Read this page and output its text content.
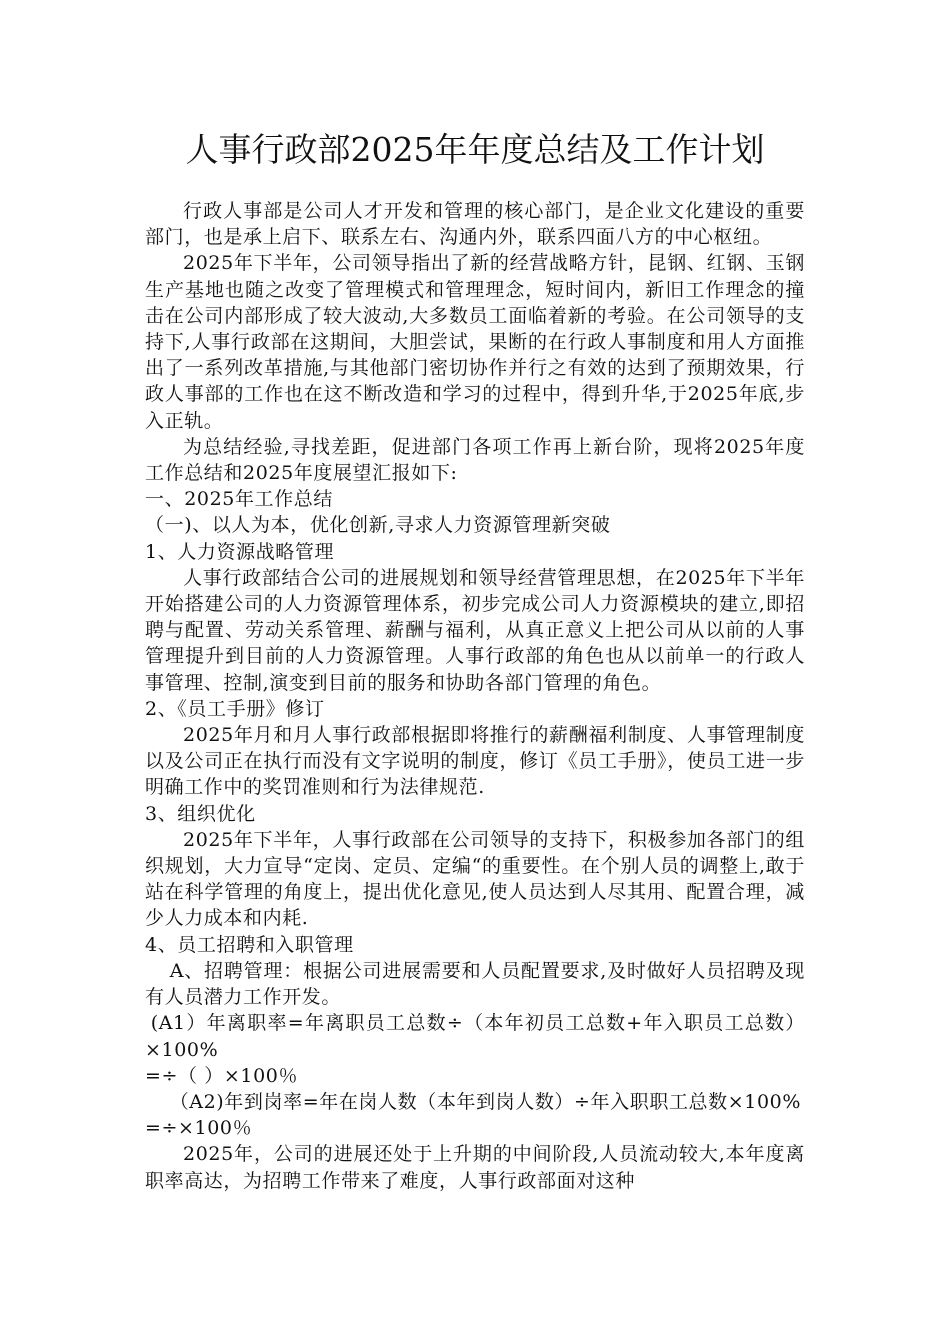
人事行政部2025年年度总结及工作计划

行政人事部是公司人才开发和管理的核心部门，是企业文化建设的重要部门，也是承上启下、联系左右、沟通内外，联系四面八方的中心枢纽。

2025年下半年，公司领导指出了新的经营战略方针，昆钢、红钢、玉钢生产基地也随之改变了管理模式和管理理念，短时间内，新旧工作理念的撞击在公司内部形成了较大波动,大多数员工面临着新的考验。在公司领导的支持下,人事行政部在这期间，大胆尝试，果断的在行政人事制度和用人方面推出了一系列改革措施,与其他部门密切协作并行之有效的达到了预期效果，行政人事部的工作也在这不断改造和学习的过程中，得到升华,于2025年底,步入正轨。

为总结经验,寻找差距，促进部门各项工作再上新台阶，现将2025年度工作总结和2025年度展望汇报如下:

一、2025年工作总结

（一)、以人为本，优化创新,寻求人力资源管理新突破

1、人力资源战略管理

人事行政部结合公司的进展规划和领导经营管理思想，在2025年下半年开始搭建公司的人力资源管理体系，初步完成公司人力资源模块的建立,即招聘与配置、劳动关系管理、薪酬与福利，从真正意义上把公司从以前的人事管理提升到目前的人力资源管理。人事行政部的角色也从以前单一的行政人事管理、控制,演变到目前的服务和协助各部门管理的角色。

2、《员工手册》修订

2025年月和月人事行政部根据即将推行的薪酬福利制度、人事管理制度以及公司正在执行而没有文字说明的制度，修订《员工手册》，使员工进一步明确工作中的奖罚准则和行为法律规范.

3、组织优化

2025年下半年，人事行政部在公司领导的支持下，积极参加各部门的组织规划，大力宣导“定岗、定员、定编“的重要性。在个别人员的调整上,敢于站在科学管理的角度上，提出优化意见,使人员达到人尽其用、配置合理，减少人力成本和内耗.

4、员工招聘和入职管理

A、招聘管理：根据公司进展需要和人员配置要求,及时做好人员招聘及现有人员潜力工作开发。

(A1）年离职率=年离职员工总数÷（本年初员工总数+年入职员工总数）×100%

=÷（ ）×100％

（A2)年到岗率=年在岗人数（本年到岗人数）÷年入职职工总数×100%

=÷×100％

2025年，公司的进展还处于上升期的中间阶段,人员流动较大,本年度离职率高达，为招聘工作带来了难度，人事行政部面对这种
